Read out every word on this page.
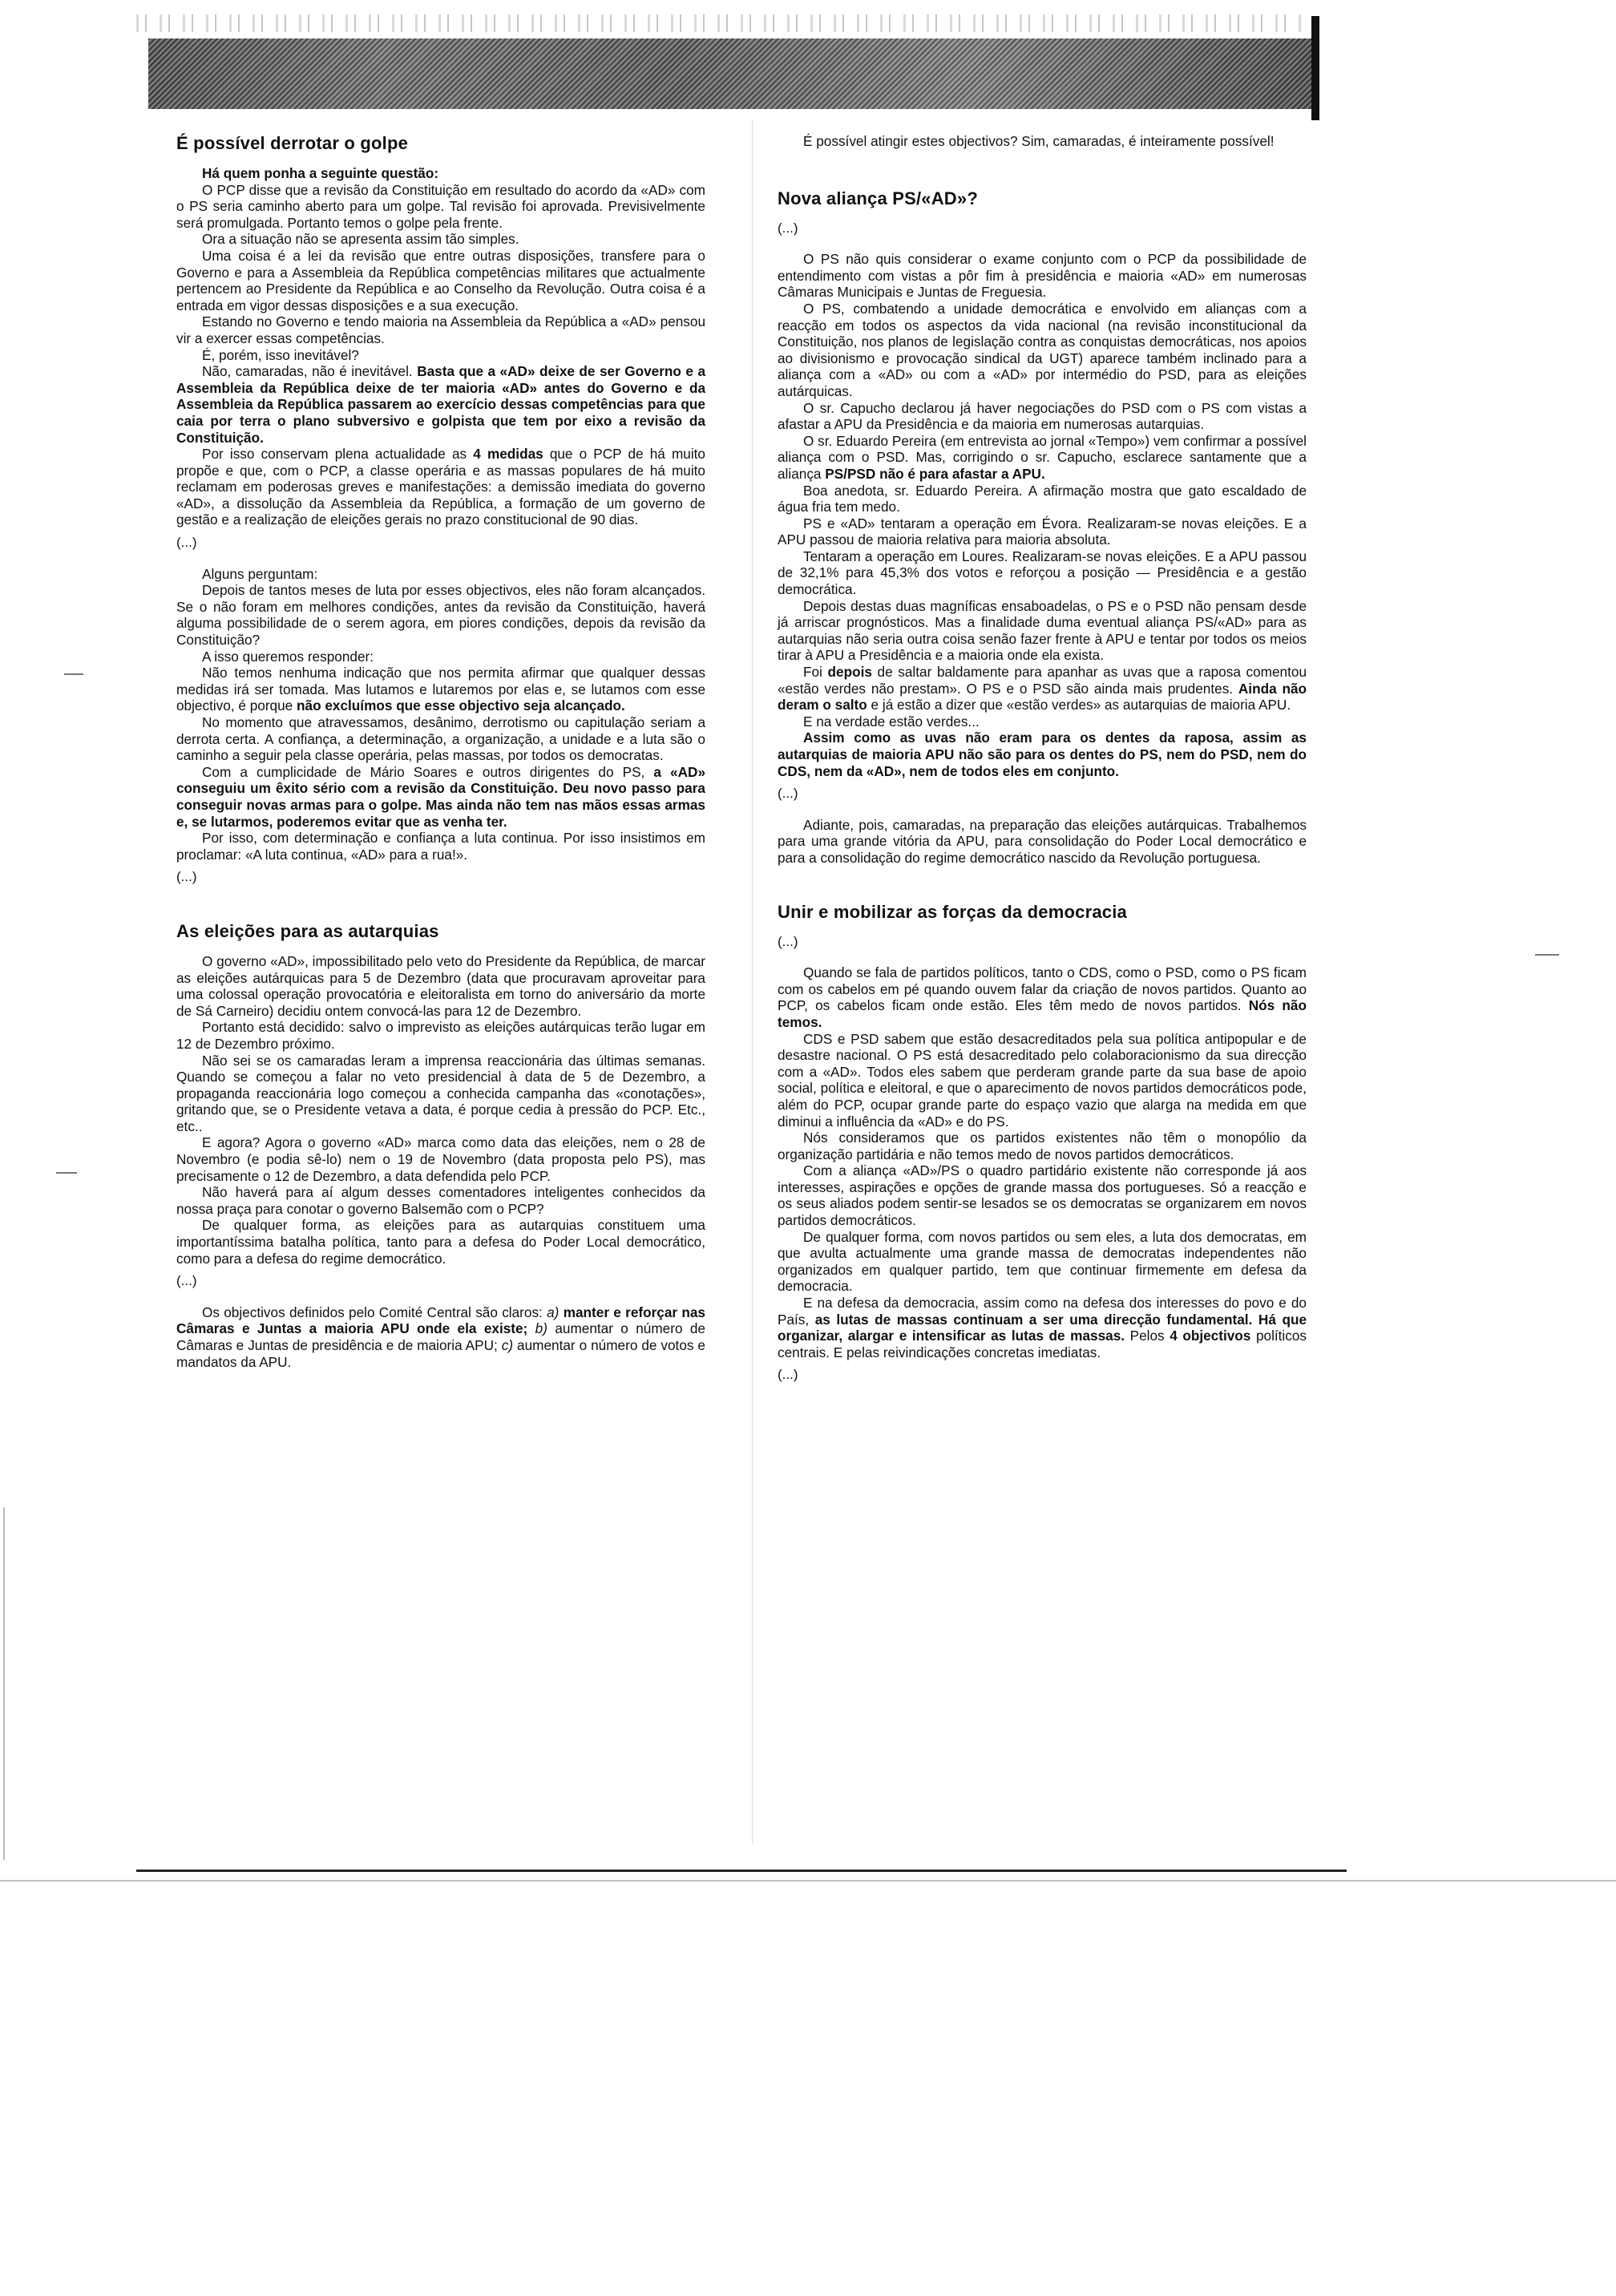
É possível derrotar o golpe

Há quem ponha a seguinte questão:

O PCP disse que a revisão da Constituição em resultado do acordo da «AD» com o PS seria caminho aberto para um golpe. Tal revisão foi aprovada. Previsivelmente será promulgada. Portanto temos o golpe pela frente.

Ora a situação não se apresenta assim tão simples.

Uma coisa é a lei da revisão que entre outras disposições, transfere para o Governo e para a Assembleia da República competências militares que actualmente pertencem ao Presidente da República e ao Conselho da Revolução. Outra coisa é a entrada em vigor dessas disposições e a sua execução.

Estando no Governo e tendo maioria na Assembleia da República a «AD» pensou vir a exercer essas competências.

É, porém, isso inevitável?

Não, camaradas, não é inevitável. Basta que a «AD» deixe de ser Governo e a Assembleia da República deixe de ter maioria «AD» antes do Governo e da Assembleia da República passarem ao exercício dessas competências para que caia por terra o plano subversivo e golpista que tem por eixo a revisão da Constituição.

Por isso conservam plena actualidade as 4 medidas que o PCP de há muito propõe e que, com o PCP, a classe operária e as massas populares de há muito reclamam em poderosas greves e manifestações: a demissão imediata do governo «AD», a dissolução da Assembleia da República, a formação de um governo de gestão e a realização de eleições gerais no prazo constitucional de 90 dias.

(...)

Alguns perguntam:

Depois de tantos meses de luta por esses objectivos, eles não foram alcançados. Se o não foram em melhores condições, antes da revisão da Constituição, haverá alguma possibilidade de o serem agora, em piores condições, depois da revisão da Constituição?

A isso queremos responder:

Não temos nenhuma indicação que nos permita afirmar que qualquer dessas medidas irá ser tomada. Mas lutamos e lutaremos por elas e, se lutamos com esse objectivo, é porque não excluímos que esse objectivo seja alcançado.

No momento que atravessamos, desânimo, derrotismo ou capitulação seriam a derrota certa. A confiança, a determinação, a organização, a unidade e a luta são o caminho a seguir pela classe operária, pelas massas, por todos os democratas.

Com a cumplicidade de Mário Soares e outros dirigentes do PS, a «AD» conseguiu um êxito sério com a revisão da Constituição. Deu novo passo para conseguir novas armas para o golpe. Mas ainda não tem nas mãos essas armas e, se lutarmos, poderemos evitar que as venha ter.

Por isso, com determinação e confiança a luta continua. Por isso insistimos em proclamar: «A luta continua, «AD» para a rua!».

(...)

As eleições para as autarquias

O governo «AD», impossibilitado pelo veto do Presidente da República, de marcar as eleições autárquicas para 5 de Dezembro (data que procuravam aproveitar para uma colossal operação provocatória e eleitoralista em torno do aniversário da morte de Sá Carneiro) decidiu ontem convocá-las para 12 de Dezembro.

Portanto está decidido: salvo o imprevisto as eleições autárquicas terão lugar em 12 de Dezembro próximo.

Não sei se os camaradas leram a imprensa reaccionária das últimas semanas. Quando se começou a falar no veto presidencial à data de 5 de Dezembro, a propaganda reaccionária logo começou a conhecida campanha das «conotações», gritando que, se o Presidente vetava a data, é porque cedia à pressão do PCP. Etc., etc..

E agora? Agora o governo «AD» marca como data das eleições, nem o 28 de Novembro (e podia sê-lo) nem o 19 de Novembro (data proposta pelo PS), mas precisamente o 12 de Dezembro, a data defendida pelo PCP.

Não haverá para aí algum desses comentadores inteligentes conhecidos da nossa praça para conotar o governo Balsemão com o PCP?

De qualquer forma, as eleições para as autarquias constituem uma importantíssima batalha política, tanto para a defesa do Poder Local democrático, como para a defesa do regime democrático.

(...)

Os objectivos definidos pelo Comité Central são claros: a) manter e reforçar nas Câmaras e Juntas a maioria APU onde ela existe; b) aumentar o número de Câmaras e Juntas de presidência e de maioria APU; c) aumentar o número de votos e mandatos da APU.

É possível atingir estes objectivos? Sim, camaradas, é inteiramente possível!

Nova aliança PS/«AD»?

(...)

O PS não quis considerar o exame conjunto com o PCP da possibilidade de entendimento com vistas a pôr fim à presidência e maioria «AD» em numerosas Câmaras Municipais e Juntas de Freguesia.

O PS, combatendo a unidade democrática e envolvido em alianças com a reacção em todos os aspectos da vida nacional (na revisão inconstitucional da Constituição, nos planos de legislação contra as conquistas democráticas, nos apoios ao divisionismo e provocação sindical da UGT) aparece também inclinado para a aliança com a «AD» ou com a «AD» por intermédio do PSD, para as eleições autárquicas.

O sr. Capucho declarou já haver negociações do PSD com o PS com vistas a afastar a APU da Presidência e da maioria em numerosas autarquias.

O sr. Eduardo Pereira (em entrevista ao jornal «Tempo») vem confirmar a possível aliança com o PSD. Mas, corrigindo o sr. Capucho, esclarece santamente que a aliança PS/PSD não é para afastar a APU.

Boa anedota, sr. Eduardo Pereira. A afirmação mostra que gato escaldado de água fria tem medo.

PS e «AD» tentaram a operação em Évora. Realizaram-se novas eleições. E a APU passou de maioria relativa para maioria absoluta.

Tentaram a operação em Loures. Realizaram-se novas eleições. E a APU passou de 32,1% para 45,3% dos votos e reforçou a posição — Presidência e a gestão democrática.

Depois destas duas magníficas ensaboadelas, o PS e o PSD não pensam desde já arriscar prognósticos. Mas a finalidade duma eventual aliança PS/«AD» para as autarquias não seria outra coisa senão fazer frente à APU e tentar por todos os meios tirar à APU a Presidência e a maioria onde ela exista.

Foi depois de saltar baldamente para apanhar as uvas que a raposa comentou «estão verdes não prestam». O PS e o PSD são ainda mais prudentes. Ainda não deram o salto e já estão a dizer que «estão verdes» as autarquias de maioria APU.

E na verdade estão verdes...

Assim como as uvas não eram para os dentes da raposa, assim as autarquias de maioria APU não são para os dentes do PS, nem do PSD, nem do CDS, nem da «AD», nem de todos eles em conjunto.

(...)

Adiante, pois, camaradas, na preparação das eleições autárquicas. Trabalhemos para uma grande vitória da APU, para consolidação do Poder Local democrático e para a consolidação do regime democrático nascido da Revolução portuguesa.

Unir e mobilizar as forças da democracia

(...)

Quando se fala de partidos políticos, tanto o CDS, como o PSD, como o PS ficam com os cabelos em pé quando ouvem falar da criação de novos partidos. Quanto ao PCP, os cabelos ficam onde estão. Eles têm medo de novos partidos. Nós não temos.

CDS e PSD sabem que estão desacreditados pela sua política antipopular e de desastre nacional. O PS está desacreditado pelo colaboracionismo da sua direcção com a «AD». Todos eles sabem que perderam grande parte da sua base de apoio social, política e eleitoral, e que o aparecimento de novos partidos democráticos pode, além do PCP, ocupar grande parte do espaço vazio que alarga na medida em que diminui a influência da «AD» e do PS.

Nós consideramos que os partidos existentes não têm o monopólio da organização partidária e não temos medo de novos partidos democráticos.

Com a aliança «AD»/PS o quadro partidário existente não corresponde já aos interesses, aspirações e opções de grande massa dos portugueses. Só a reacção e os seus aliados podem sentir-se lesados se os democratas se organizarem em novos partidos democráticos.

De qualquer forma, com novos partidos ou sem eles, a luta dos democratas, em que avulta actualmente uma grande massa de democratas independentes não organizados em qualquer partido, tem que continuar firmemente em defesa da democracia.

E na defesa da democracia, assim como na defesa dos interesses do povo e do País, as lutas de massas continuam a ser uma direcção fundamental. Há que organizar, alargar e intensificar as lutas de massas. Pelos 4 objectivos políticos centrais. E pelas reivindicações concretas imediatas.

(...)
